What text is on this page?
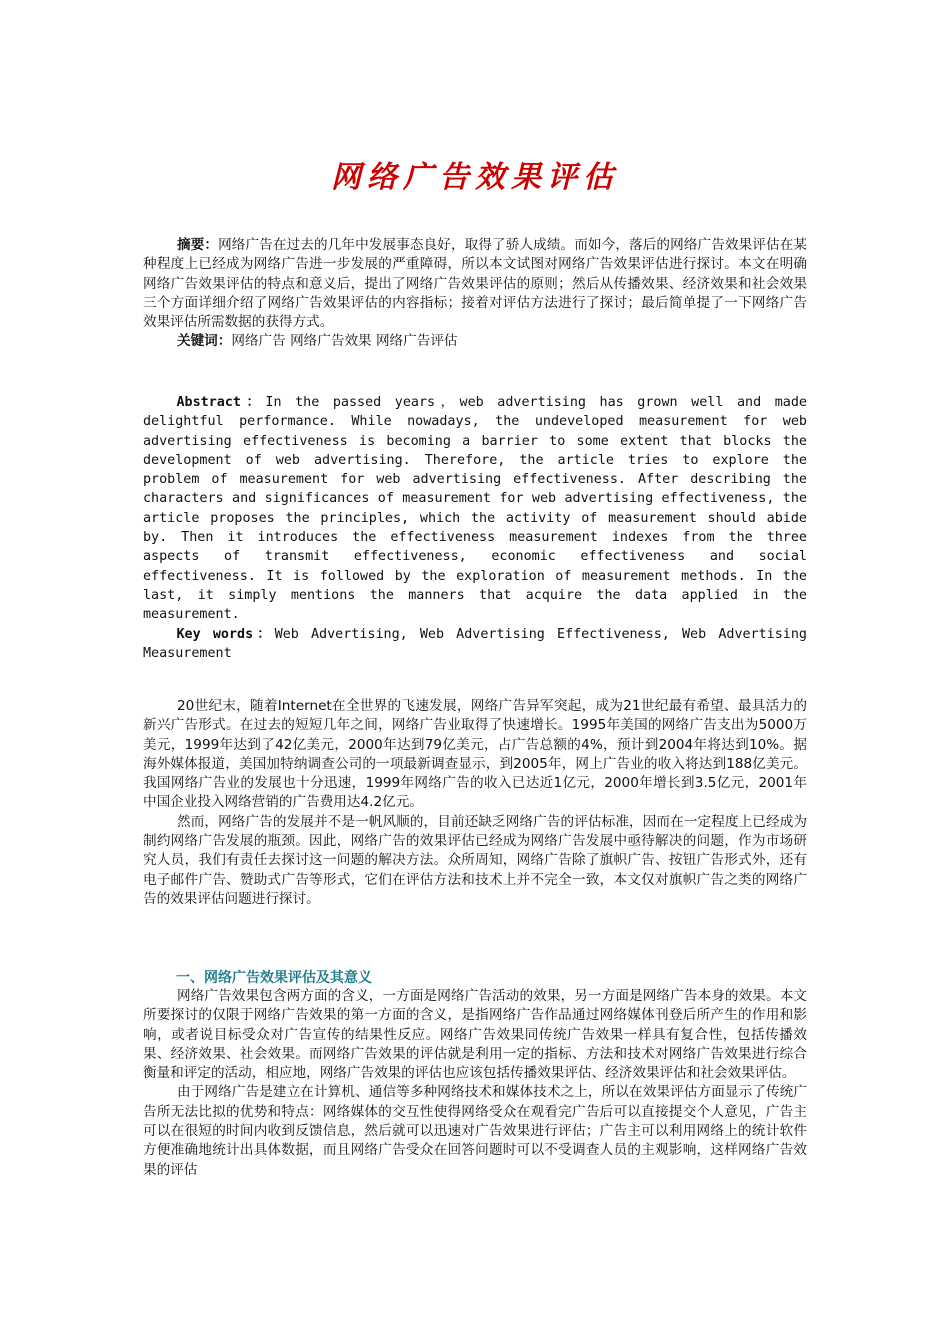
网络广告效果评估

摘要：网络广告在过去的几年中发展事态良好，取得了骄人成绩。而如今，落后的网络广告效果评估在某种程度上已经成为网络广告进一步发展的严重障碍，所以本文试图对网络广告效果评估进行探讨。本文在明确网络广告效果评估的特点和意义后，提出了网络广告效果评估的原则；然后从传播效果、经济效果和社会效果三个方面详细介绍了网络广告效果评估的内容指标；接着对评估方法进行了探讨；最后简单提了一下网络广告效果评估所需数据的获得方式。

关键词：网络广告 网络广告效果 网络广告评估

Abstract：In the passed years，web advertising has grown well and made delightful performance. While nowadays, the undeveloped measurement for web advertising effectiveness is becoming a barrier to some extent that blocks the development of web advertising. Therefore, the article tries to explore the problem of measurement for web advertising effectiveness. After describing the characters and significances of measurement for web advertising effectiveness, the article proposes the principles, which the activity of measurement should abide by. Then it introduces the effectiveness measurement indexes from the three aspects of transmit effectiveness, economic effectiveness and social effectiveness. It is followed by the exploration of measurement methods. In the last, it simply mentions the manners that acquire the data applied in the measurement.

Key words：Web Advertising, Web Advertising Effectiveness, Web Advertising Measurement

20世纪末，随着Internet在全世界的飞速发展，网络广告异军突起，成为21世纪最有希望、最具活力的新兴广告形式。在过去的短短几年之间，网络广告业取得了快速增长。1995年美国的网络广告支出为5000万美元，1999年达到了42亿美元，2000年达到79亿美元，占广告总额的4%，预计到2004年将达到10%。据海外媒体报道，美国加特纳调查公司的一项最新调查显示，到2005年，网上广告业的收入将达到188亿美元。我国网络广告业的发展也十分迅速，1999年网络广告的收入已达近1亿元，2000年增长到3.5亿元，2001年中国企业投入网络营销的广告费用达4.2亿元。

然而，网络广告的发展并不是一帆风顺的，目前还缺乏网络广告的评估标准，因而在一定程度上已经成为制约网络广告发展的瓶颈。因此，网络广告的效果评估已经成为网络广告发展中亟待解决的问题，作为市场研究人员，我们有责任去探讨这一问题的解决方法。众所周知，网络广告除了旗帜广告、按钮广告形式外，还有电子邮件广告、赞助式广告等形式，它们在评估方法和技术上并不完全一致，本文仅对旗帜广告之类的网络广告的效果评估问题进行探讨。

一、网络广告效果评估及其意义

网络广告效果包含两方面的含义，一方面是网络广告活动的效果，另一方面是网络广告本身的效果。本文所要探讨的仅限于网络广告效果的第一方面的含义，是指网络广告作品通过网络媒体刊登后所产生的作用和影响，或者说目标受众对广告宣传的结果性反应。网络广告效果同传统广告效果一样具有复合性，包括传播效果、经济效果、社会效果。而网络广告效果的评估就是利用一定的指标、方法和技术对网络广告效果进行综合衡量和评定的活动，相应地，网络广告效果的评估也应该包括传播效果评估、经济效果评估和社会效果评估。

由于网络广告是建立在计算机、通信等多种网络技术和媒体技术之上，所以在效果评估方面显示了传统广告所无法比拟的优势和特点：网络媒体的交互性使得网络受众在观看完广告后可以直接提交个人意见，广告主可以在很短的时间内收到反馈信息，然后就可以迅速对广告效果进行评估；广告主可以利用网络上的统计软件方便准确地统计出具体数据，而且网络广告受众在回答问题时可以不受调查人员的主观影响，这样网络广告效果的评估
